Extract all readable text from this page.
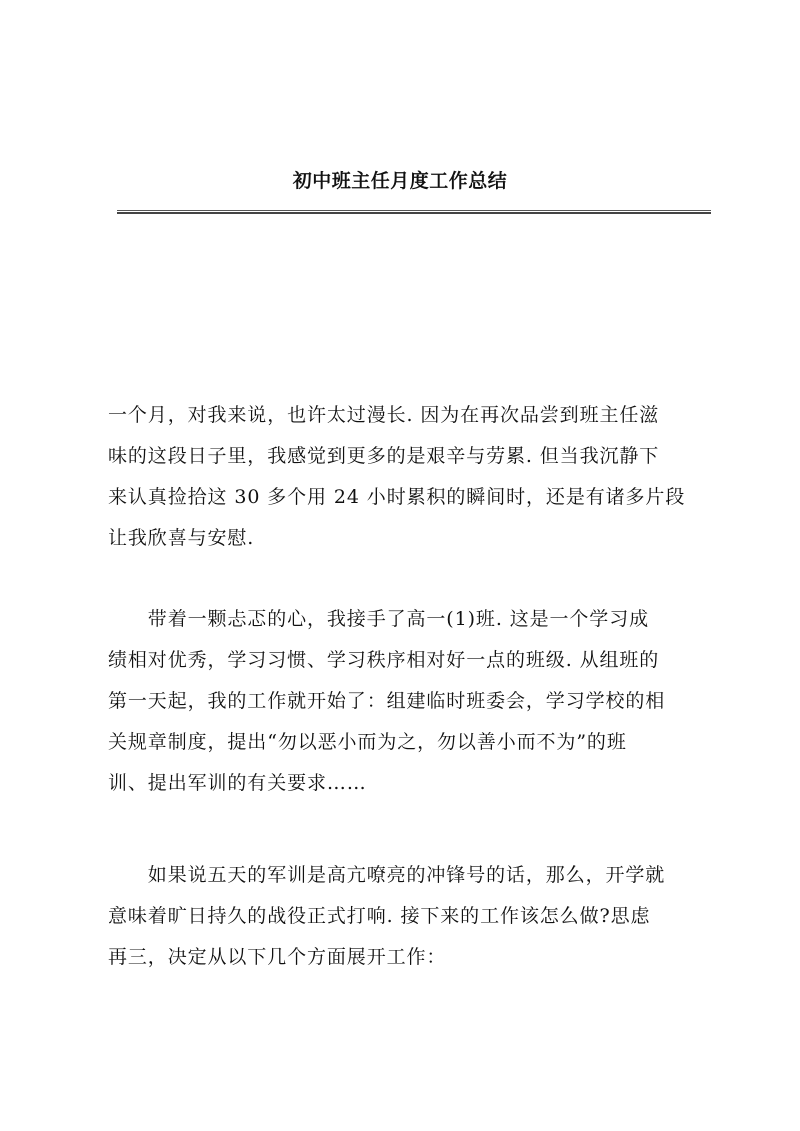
初中班主任月度工作总结
一个月，对我来说，也许太过漫长. 因为在再次品尝到班主任滋
味的这段日子里，我感觉到更多的是艰辛与劳累. 但当我沉静下
来认真捡拾这 30 多个用 24 小时累积的瞬间时，还是有诸多片段
让我欣喜与安慰.
　　带着一颗忐忑的心，我接手了高一(1)班. 这是一个学习成
绩相对优秀，学习习惯、学习秩序相对好一点的班级. 从组班的
第一天起，我的工作就开始了：组建临时班委会，学习学校的相
关规章制度，提出“勿以恶小而为之，勿以善小而不为”的班
训、提出军训的有关要求……
　　如果说五天的军训是高亢嘹亮的冲锋号的话，那么，开学就
意味着旷日持久的战役正式打响. 接下来的工作该怎么做?思虑
再三，决定从以下几个方面展开工作：
